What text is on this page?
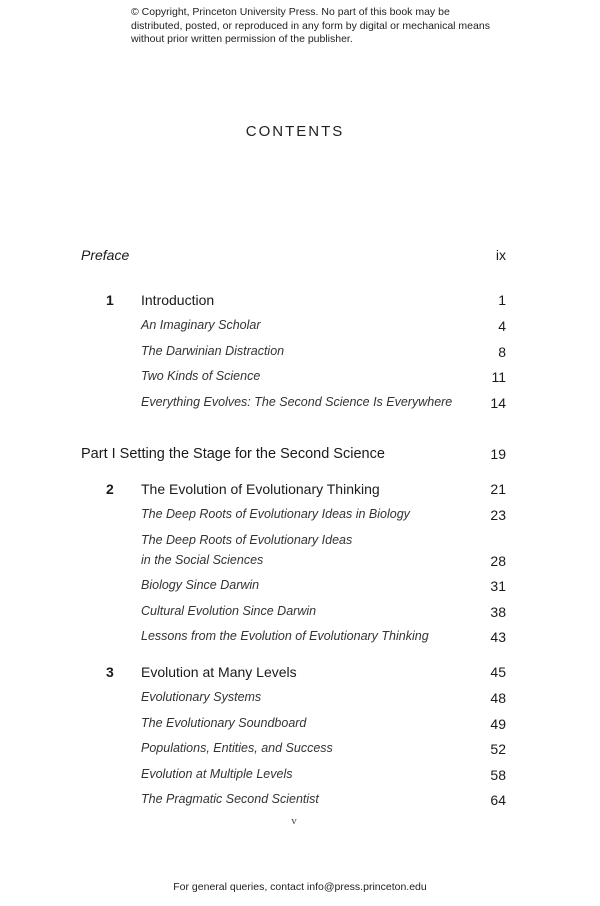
© Copyright, Princeton University Press. No part of this book may be distributed, posted, or reproduced in any form by digital or mechanical means without prior written permission of the publisher.
CONTENTS
Preface	ix
1 Introduction	1
An Imaginary Scholar	4
The Darwinian Distraction	8
Two Kinds of Science	11
Everything Evolves: The Second Science Is Everywhere	14
Part I Setting the Stage for the Second Science	19
2 The Evolution of Evolutionary Thinking	21
The Deep Roots of Evolutionary Ideas in Biology	23
The Deep Roots of Evolutionary Ideas
in the Social Sciences	28
Biology Since Darwin	31
Cultural Evolution Since Darwin	38
Lessons from the Evolution of Evolutionary Thinking	43
3 Evolution at Many Levels	45
Evolutionary Systems	48
The Evolutionary Soundboard	49
Populations, Entities, and Success	52
Evolution at Multiple Levels	58
The Pragmatic Second Scientist	64
v
For general queries, contact info@press.princeton.edu
